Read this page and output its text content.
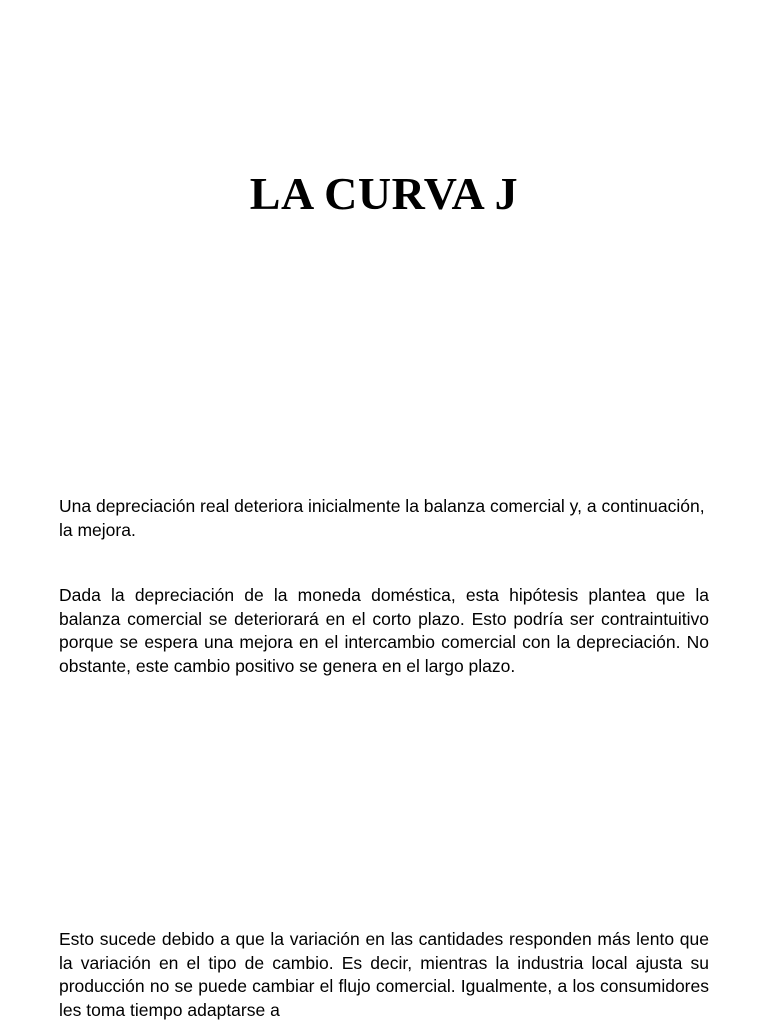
LA CURVA J

Una depreciación real deteriora inicialmente la balanza comercial y, a continuación, la mejora.

Dada la depreciación de la moneda doméstica, esta hipótesis plantea que la balanza comercial se deteriorará en el corto plazo. Esto podría ser contraintuitivo porque se espera una mejora en el intercambio comercial con la depreciación. No obstante, este cambio positivo se genera en el largo plazo.

Esto sucede debido a que la variación en las cantidades responden más lento que la variación en el tipo de cambio. Es decir, mientras la industria local ajusta su producción no se puede cambiar el flujo comercial. Igualmente, a los consumidores les toma tiempo adaptarse a
